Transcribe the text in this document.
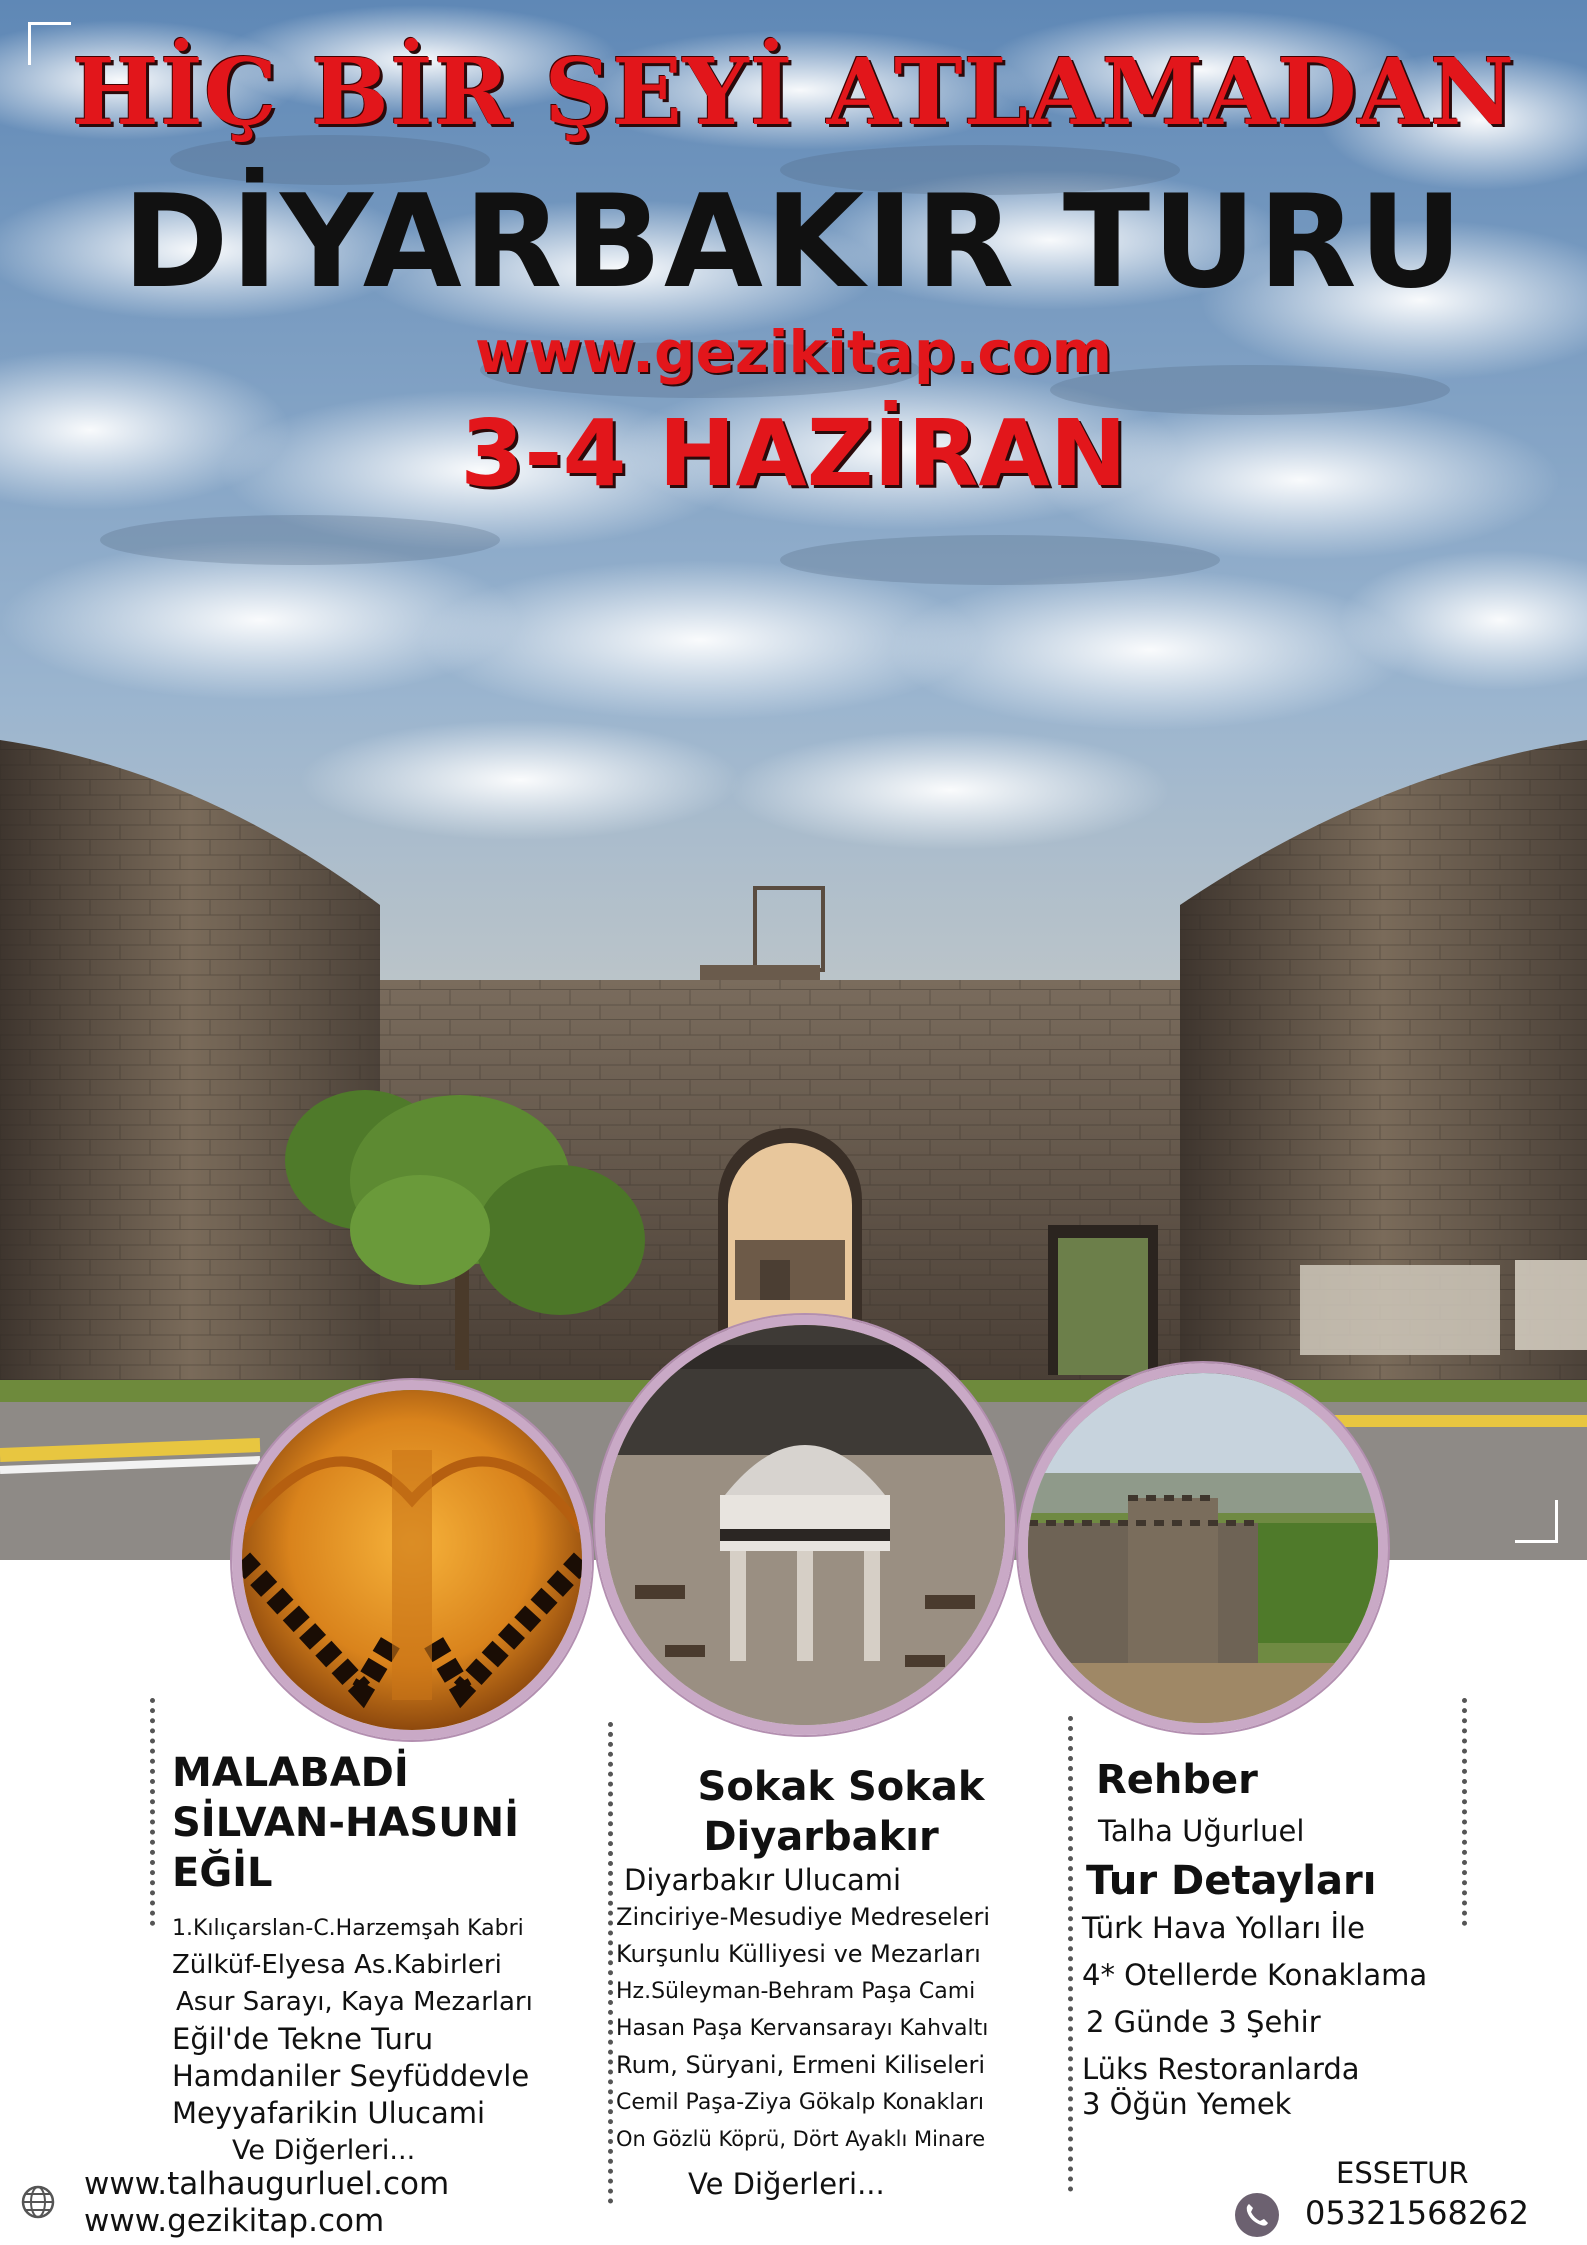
HİÇ BİR ŞEYİ ATLAMADAN
DİYARBAKIR TURU
www.gezikitap.com
3-4 HAZİRAN

MALABADİ

SİLVAN-HASUNİ

EĞİL

1.Kılıçarslan-C.Harzemşah Kabri

Zülküf-Elyesa As.Kabirleri

Asur Sarayı, Kaya Mezarları

Eğil'de Tekne Turu

Hamdaniler Seyfüddevle

Meyyafarikin Ulucami

Ve Diğerleri...

Sokak Sokak

Diyarbakır

Diyarbakır Ulucami

Zinciriye-Mesudiye Medreseleri

Kurşunlu Külliyesi ve Mezarları

Hz.Süleyman-Behram Paşa Cami

Hasan Paşa Kervansarayı Kahvaltı

Rum, Süryani, Ermeni Kiliseleri

Cemil Paşa-Ziya Gökalp Konakları

On Gözlü Köprü, Dört Ayaklı Minare

Ve Diğerleri...

Rehber

Talha Uğurluel

Tur Detayları

Türk Hava Yolları İle

4* Otellerde Konaklama

2 Günde 3 Şehir

Lüks Restoranlarda

3 Öğün Yemek

www.talhaugurluel.com
www.gezikitap.com
ESSETUR
05321568262
